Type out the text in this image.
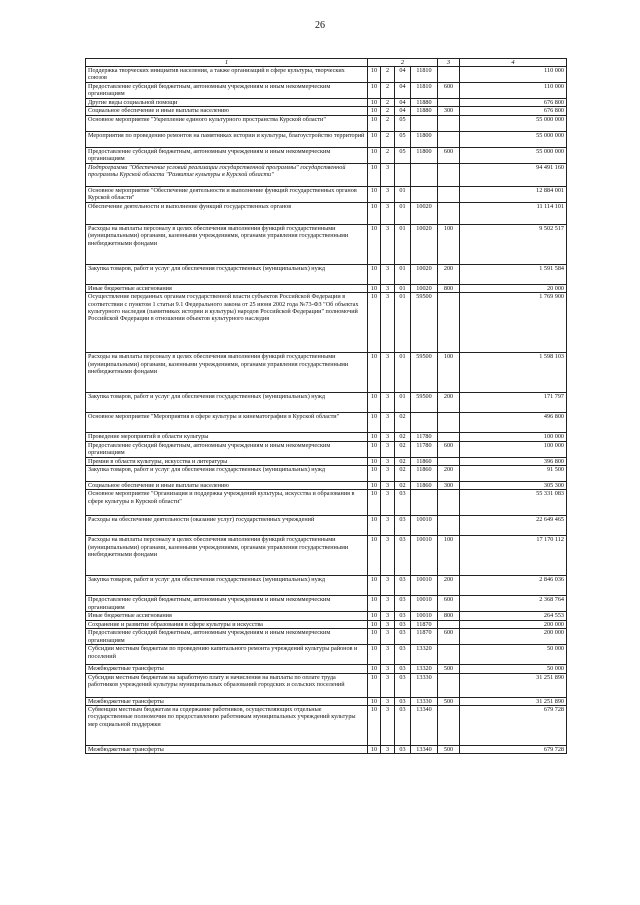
26
1	2				3	4
Поддержка творческих инициатив населения, а также организаций в сфере культуры, творческих союзов	10	2	04	11810		110 000
Предоставление субсидий бюджетным, автономным учреждениям и иным некоммерческим организациям	10	2	04	11810	600	110 000
Другие виды социальной помощи	10	2	04	11880		676 800
Социальное обеспечение и иные выплаты населению	10	2	04	11880	300	676 800
Основное мероприятие "Укрепление единого культурного пространства Курской области"	10	2	05			55 000 000
Мероприятия по проведению ремонтов на памятниках истории и культуры, благоустройство территорий	10	2	05	11800		55 000 000
Предоставление субсидий бюджетным, автономным учреждениям и иным некоммерческим организациям	10	2	05	11800	600	55 000 000
Подпрограмма "Обеспечение условий реализации государственной программы" государственной программы Курской области "Развитие культуры в Курской области"	10	3				94 491 160
Основное мероприятие "Обеспечение деятельности и выполнение функций государственных органов Курской области"	10	3	01			12 884 001
Обеспечение деятельности и выполнение функций государственных органов	10	3	01	10020		11 114 101
Расходы на выплаты персоналу в целях обеспечения выполнения функций государственными (муниципальными) органами, казенными учреждениями, органами управления государственными внебюджетными фондами	10	3	01	10020	100	9 502 517
Закупка товаров, работ и услуг для обеспечения государственных (муниципальных) нужд	10	3	01	10020	200	1 591 584
Иные бюджетные ассигнования	10	3	01	10020	800	20 000
Осуществление переданных органам государственной власти субъектов Российской Федерации в соответствии с пунктом 1 статьи 9.1 Федерального закона от 25 июня 2002 года №73-ФЗ "Об объектах культурного наследия (памятниках истории и культуры) народов Российской Федерации" полномочий Российской Федерации в отношении объектов культурного наследия	10	3	01	59500		1 769 900
Расходы на выплаты персоналу в целях обеспечения выполнения функций государственными (муниципальными) органами, казенными учреждениями, органами управления государственными внебюджетными фондами	10	3	01	59500	100	1 598 103
Закупка товаров, работ и услуг для обеспечения государственных (муниципальных) нужд	10	3	01	59500	200	171 797
Основное мероприятие "Мероприятия в сфере культуры и кинематографии в Курской области"	10	3	02			496 800
Проведение мероприятий в области культуры	10	3	02	11780		100 000
Предоставление субсидий бюджетным, автономным учреждениям и иным некоммерческим организациям	10	3	02	11780	600	100 000
Премии в области культуры, искусства и литературы	10	3	02	11860		396 800
Закупка товаров, работ и услуг для обеспечения государственных (муниципальных) нужд	10	3	02	11860	200	91 500
Социальное обеспечение и иные выплаты населению	10	3	02	11860	300	305 300
Основное мероприятие "Организация и поддержка учреждений культуры, искусства и образования в сфере культуры в Курской области"	10	3	03			55 331 083
Расходы на обеспечение деятельности (оказание услуг) государственных учреждений	10	3	03	10010		22 649 465
Расходы на выплаты персоналу в целях обеспечения выполнения функций государственными (муниципальными) органами, казенными учреждениями, органами управления государственными внебюджетными фондами	10	3	03	10010	100	17 170 112
Закупка товаров, работ и услуг для обеспечения государственных (муниципальных) нужд	10	3	03	10010	200	2 846 036
Предоставление субсидий бюджетным, автономным учреждениям и иным некоммерческим организациям	10	3	03	10010	600	2 368 764
Иные бюджетные ассигнования	10	3	03	10010	800	264 553
Сохранение и развитие образования в сфере культуры и искусства	10	3	03	11870		200 000
Предоставление субсидий бюджетным, автономным учреждениям и иным некоммерческим организациям	10	3	03	11870	600	200 000
Субсидии местным бюджетам по проведению капитального ремонта учреждений культуры районов и поселений	10	3	03	13320		50 000
Межбюджетные трансферты	10	3	03	13320	500	50 000
Субсидии местным бюджетам на заработную плату и начисления на выплаты по оплате труда работников учреждений культуры муниципальных образований городских и сельских поселений	10	3	03	13330		31 251 890
Межбюджетные трансферты	10	3	03	13330	500	31 251 890
Субвенции местным бюджетам на содержание работников, осуществляющих отдельные государственные полномочия по предоставлению работникам муниципальных учреждений культуры мер социальной поддержки	10	3	03	13340		679 728
Межбюджетные трансферты	10	3	03	13340	500	679 728
